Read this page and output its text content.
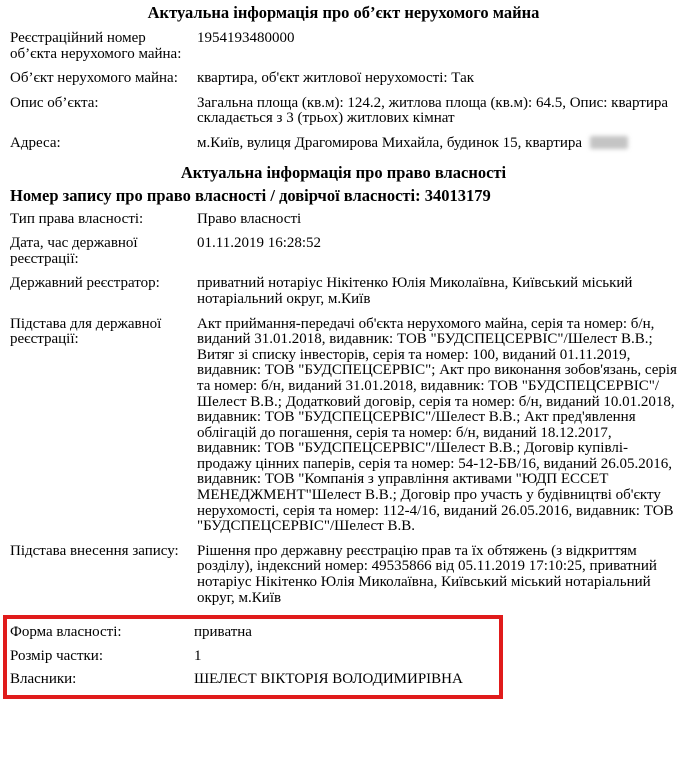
Актуальна інформація про об’єкт нерухомого майна
Реєстраційний номер об’єкта нерухомого майна:
1954193480000
Об’єкт нерухомого майна:	квартира, об'єкт житлової нерухомості: Так
Опис об’єкта:	Загальна площа (кв.м): 124.2, житлова площа (кв.м): 64.5, Опис: квартира складається з 3 (трьох) житлових кімнат
Адреса:	м.Київ, вулиця Драгомирова Михайла, будинок 15, квартира
Актуальна інформація про право власності
Номер запису про право власності / довірчої власності: 34013179
Тип права власності:	Право власності
Дата, час державної реєстрації:
01.11.2019 16:28:52
Державний реєстратор:	приватний нотаріус Нікітенко Юлія Миколаївна, Київський міський нотаріальний округ, м.Київ
Підстава для державної реєстрації:
Акт приймання-передачі об'єкта нерухомого майна, серія та номер: б/н, виданий 31.01.2018, видавник: ТОВ "БУДСПЕЦСЕРВІС"/Шелест В.В.; Витяг зі списку інвесторів, серія та номер: 100, виданий 01.11.2019, видавник: ТОВ "БУДСПЕЦСЕРВІС"; Акт про виконання зобов'язань, серія та номер: б/н, виданий 31.01.2018, видавник: ТОВ "БУДСПЕЦСЕРВІС"/Шелест В.В.; Додатковий договір, серія та номер: б/н, виданий 10.01.2018, видавник: ТОВ "БУДСПЕЦСЕРВІС"/Шелест В.В.; Акт пред'явлення облігацій до погашення, серія та номер: б/н, виданий 18.12.2017, видавник: ТОВ "БУДСПЕЦСЕРВІС"/Шелест В.В.; Договір купівлі-продажу цінних паперів, серія та номер: 54-12-БВ/16, виданий 26.05.2016, видавник: ТОВ "Компанія з управління активами "ЮДП ЕССЕТ МЕНЕДЖМЕНТ"Шелест В.В.; Договір про участь у будівництві об'єкту нерухомості, серія та номер: 112-4/16, виданий 26.05.2016, видавник: ТОВ "БУДСПЕЦСЕРВІС"/Шелест В.В.
Підстава внесення запису:	Рішення про державну реєстрацію прав та їх обтяжень (з відкриттям розділу), індексний номер: 49535866 від 05.11.2019 17:10:25, приватний нотаріус Нікітенко Юлія Миколаївна, Київський міський нотаріальний округ, м.Київ
Форма власності:	приватна
Розмір частки:	1
Власники:	ШЕЛЕСТ ВІКТОРІЯ ВОЛОДИМИРІВНА
